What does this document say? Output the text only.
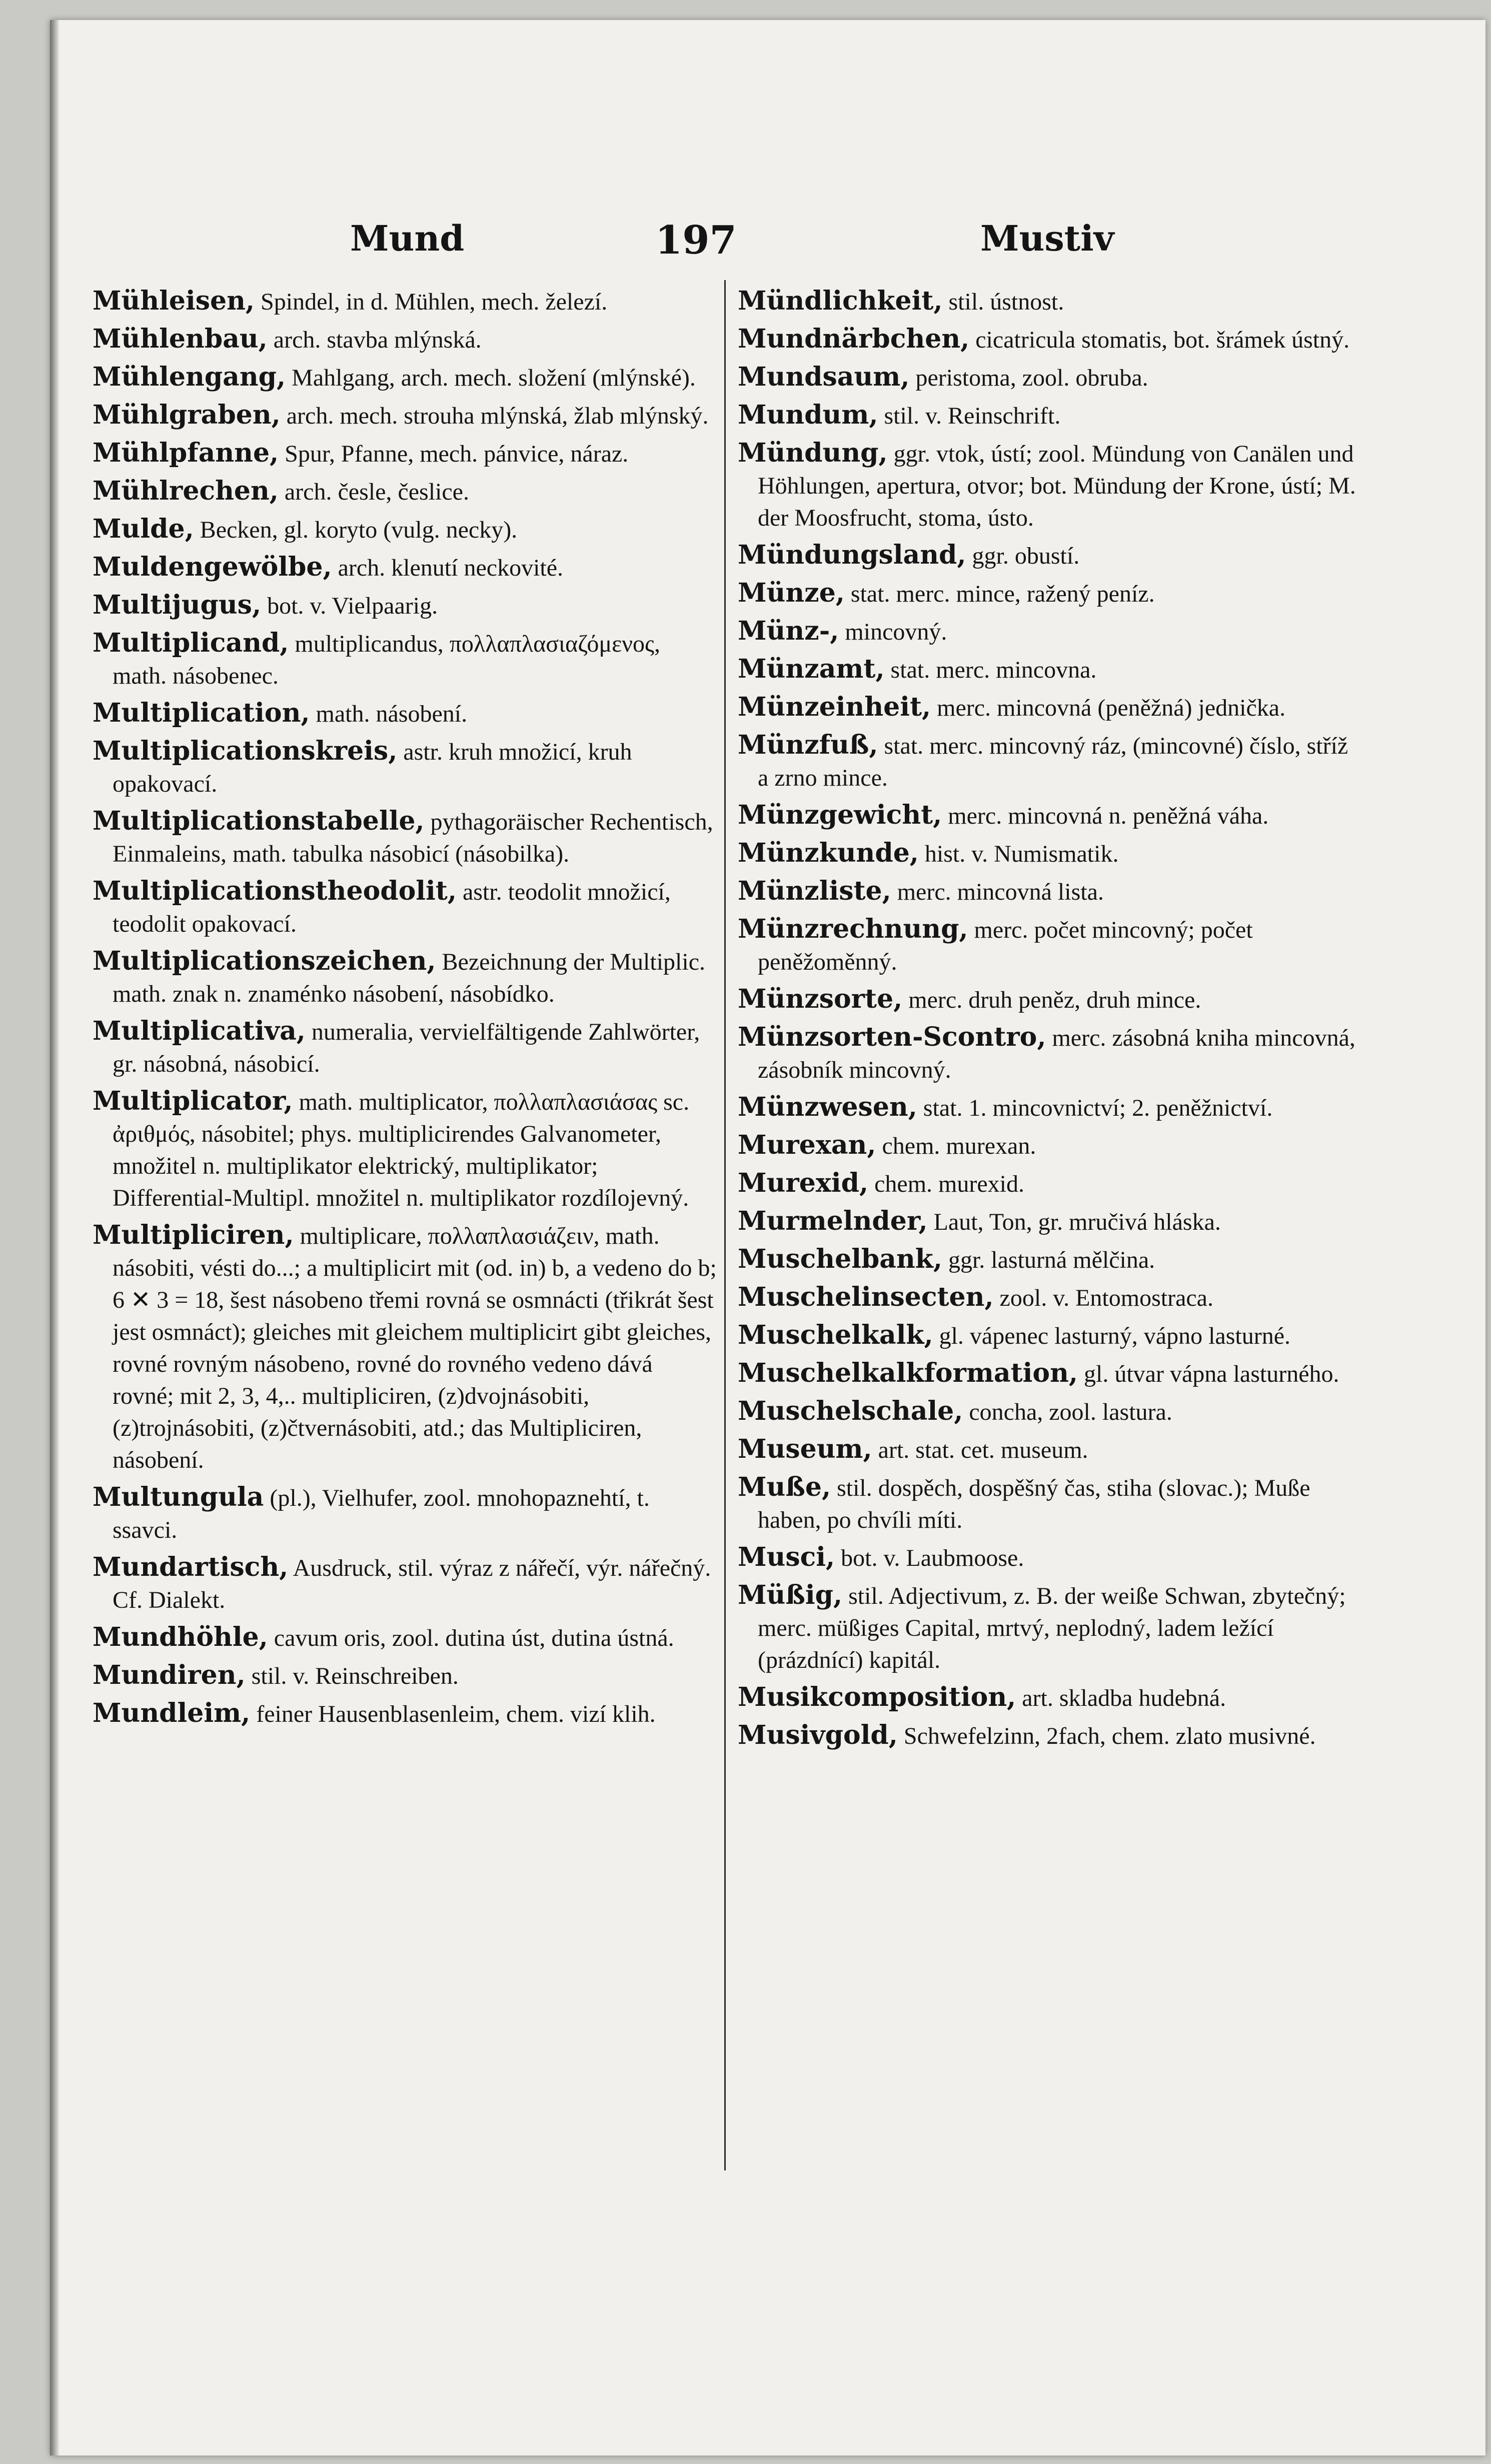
Mund	197	Mustiv
Mühleisen, Spindel, in d. Mühlen, mech. železí.
Mühlenbau, arch. stavba mlýnská.
Mühlengang, Mahlgang, arch. mech. složení (mlýnské).
Mühlgraben, arch. mech. strouha mlýnská, žlab mlýnský.
Mühlpfanne, Spur, Pfanne, mech. pánvice, náraz.
Mühlrechen, arch. česle, česlice.
Mulde, Becken, gl. koryto (vulg. necky).
Muldengewölbe, arch. klenutí neckovité.
Multijugus, bot. v. Vielpaarig.
Multiplicand, multiplicandus, πολλαπλασιαζόμενος, math. násobenec.
Multiplication, math. násobení.
Multiplicationskreis, astr. kruh množicí, kruh opakovací.
Multiplicationstabelle, pythagoräischer Rechentisch, Einmaleins, math. tabulka násobicí (násobilka).
Multiplicationstheodolit, astr. teodolit množicí, teodolit opakovací.
Multiplicationszeichen, Bezeichnung der Multiplic. math. znak n. znaménko násobení, násobídko.
Multiplicativa, numeralia, vervielfältigende Zahlwörter, gr. násobná, násobicí.
Multiplicator, math. multiplicator, πολλαπλασιάσας sc. ἀριθμός, násobitel; phys. multiplicirendes Galvanometer, množitel n. multiplikator elektrický, multiplikator; Differential-Multipl. množitel n. multiplikator rozdílojevný.
Multipliciren, multiplicare, πολλαπλασιάζειν, math. násobiti, vésti do...; a multiplicirt mit (od. in) b, a vedeno do b; 6 ✕ 3 = 18, šest násobeno třemi rovná se osmnácti (třikrát šest jest osmnáct); gleiches mit gleichem multiplicirt gibt gleiches, rovné rovným násobeno, rovné do rovného vedeno dává rovné; mit 2, 3, 4,.. multipliciren, (z)dvojnásobiti, (z)trojnásobiti, (z)čtvernásobiti, atd.; das Multipliciren, násobení.
Multungula (pl.), Vielhufer, zool. mnohopaznehtí, t. ssavci.
Mundartisch, Ausdruck, stil. výraz z nářečí, výr. nářečný. Cf. Dialekt.
Mundhöhle, cavum oris, zool. dutina úst, dutina ústná.
Mundiren, stil. v. Reinschreiben.
Mundleim, feiner Hausenblasenleim, chem. vizí klih.
Mündlichkeit, stil. ústnost.
Mundnärbchen, cicatricula stomatis, bot. šrámek ústný.
Mundsaum, peristoma, zool. obruba.
Mundum, stil. v. Reinschrift.
Mündung, ggr. vtok, ústí; zool. Mündung von Canälen und Höhlungen, apertura, otvor; bot. Mündung der Krone, ústí; M. der Moosfrucht, stoma, ústo.
Mündungsland, ggr. obustí.
Münze, stat. merc. mince, ražený peníz.
Münz-, mincovný.
Münzamt, stat. merc. mincovna.
Münzeinheit, merc. mincovná (peněžná) jednička.
Münzfuß, stat. merc. mincovný ráz, (mincovné) číslo, stříž a zrno mince.
Münzgewicht, merc. mincovná n. peněžná váha.
Münzkunde, hist. v. Numismatik.
Münzliste, merc. mincovná lista.
Münzrechnung, merc. počet mincovný; počet peněžoměnný.
Münzsorte, merc. druh peněz, druh mince.
Münzsorten-Scontro, merc. zásobná kniha mincovná, zásobník mincovný.
Münzwesen, stat. 1. mincovnictví; 2. peněžnictví.
Murexan, chem. murexan.
Murexid, chem. murexid.
Murmelnder, Laut, Ton, gr. mručivá hláska.
Muschelbank, ggr. lasturná mělčina.
Muschelinsecten, zool. v. Entomostraca.
Muschelkalk, gl. vápenec lasturný, vápno lasturné.
Muschelkalkformation, gl. útvar vápna lasturného.
Muschelschale, concha, zool. lastura.
Museum, art. stat. cet. museum.
Muße, stil. dospěch, dospěšný čas, stiha (slovac.); Muße haben, po chvíli míti.
Musci, bot. v. Laubmoose.
Müßig, stil. Adjectivum, z. B. der weiße Schwan, zbytečný; merc. müßiges Capital, mrtvý, neplodný, ladem ležící (prázdnící) kapitál.
Musikcomposition, art. skladba hudebná.
Musivgold, Schwefelzinn, 2fach, chem. zlato musivné.
